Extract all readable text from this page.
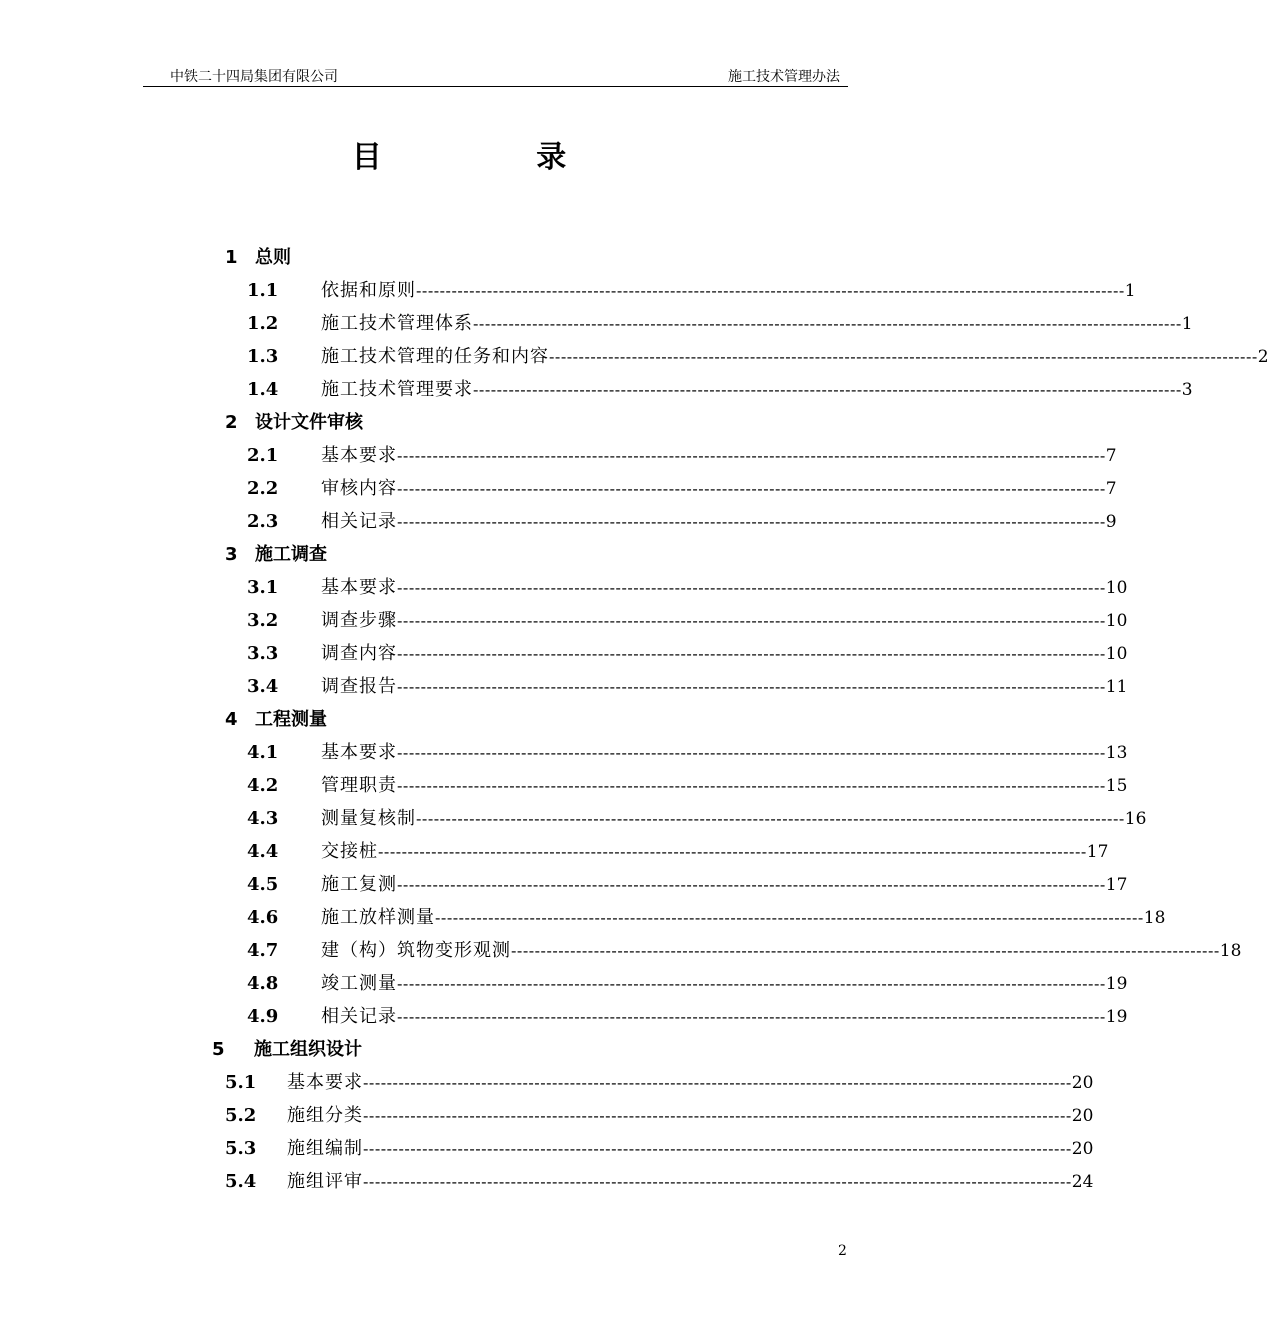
中铁二十四局集团有限公司	施工技术管理办法
目 录
1 总则
1.1	依据和原则 ------------------------------------------------------------------------------------------------------------------------ 1
1.2	施工技术管理体系 ------------------------------------------------------------------------------------------------------------------------ 1
1.3	施工技术管理的任务和内容 ------------------------------------------------------------------------------------------------------------------------ 2
1.4	施工技术管理要求 ------------------------------------------------------------------------------------------------------------------------ 3
2 设计文件审核
2.1	基本要求 ------------------------------------------------------------------------------------------------------------------------ 7
2.2	审核内容 ------------------------------------------------------------------------------------------------------------------------ 7
2.3	相关记录 ------------------------------------------------------------------------------------------------------------------------ 9
3 施工调查
3.1	基本要求 ------------------------------------------------------------------------------------------------------------------------ 10
3.2	调查步骤 ------------------------------------------------------------------------------------------------------------------------ 10
3.3	调查内容 ------------------------------------------------------------------------------------------------------------------------ 10
3.4	调查报告 ------------------------------------------------------------------------------------------------------------------------ 11
4 工程测量
4.1	基本要求 ------------------------------------------------------------------------------------------------------------------------ 13
4.2	管理职责 ------------------------------------------------------------------------------------------------------------------------ 15
4.3	测量复核制 ------------------------------------------------------------------------------------------------------------------------ 16
4.4	交接桩 ------------------------------------------------------------------------------------------------------------------------ 17
4.5	施工复测 ------------------------------------------------------------------------------------------------------------------------ 17
4.6	施工放样测量 ------------------------------------------------------------------------------------------------------------------------ 18
4.7	建（构）筑物变形观测 ------------------------------------------------------------------------------------------------------------------------ 18
4.8	竣工测量 ------------------------------------------------------------------------------------------------------------------------ 19
4.9	相关记录 ------------------------------------------------------------------------------------------------------------------------ 19
5 施工组织设计
5.1	基本要求 ------------------------------------------------------------------------------------------------------------------------ 20
5.2	施组分类 ------------------------------------------------------------------------------------------------------------------------ 20
5.3	施组编制 ------------------------------------------------------------------------------------------------------------------------ 20
5.4	施组评审 ------------------------------------------------------------------------------------------------------------------------ 24
2
